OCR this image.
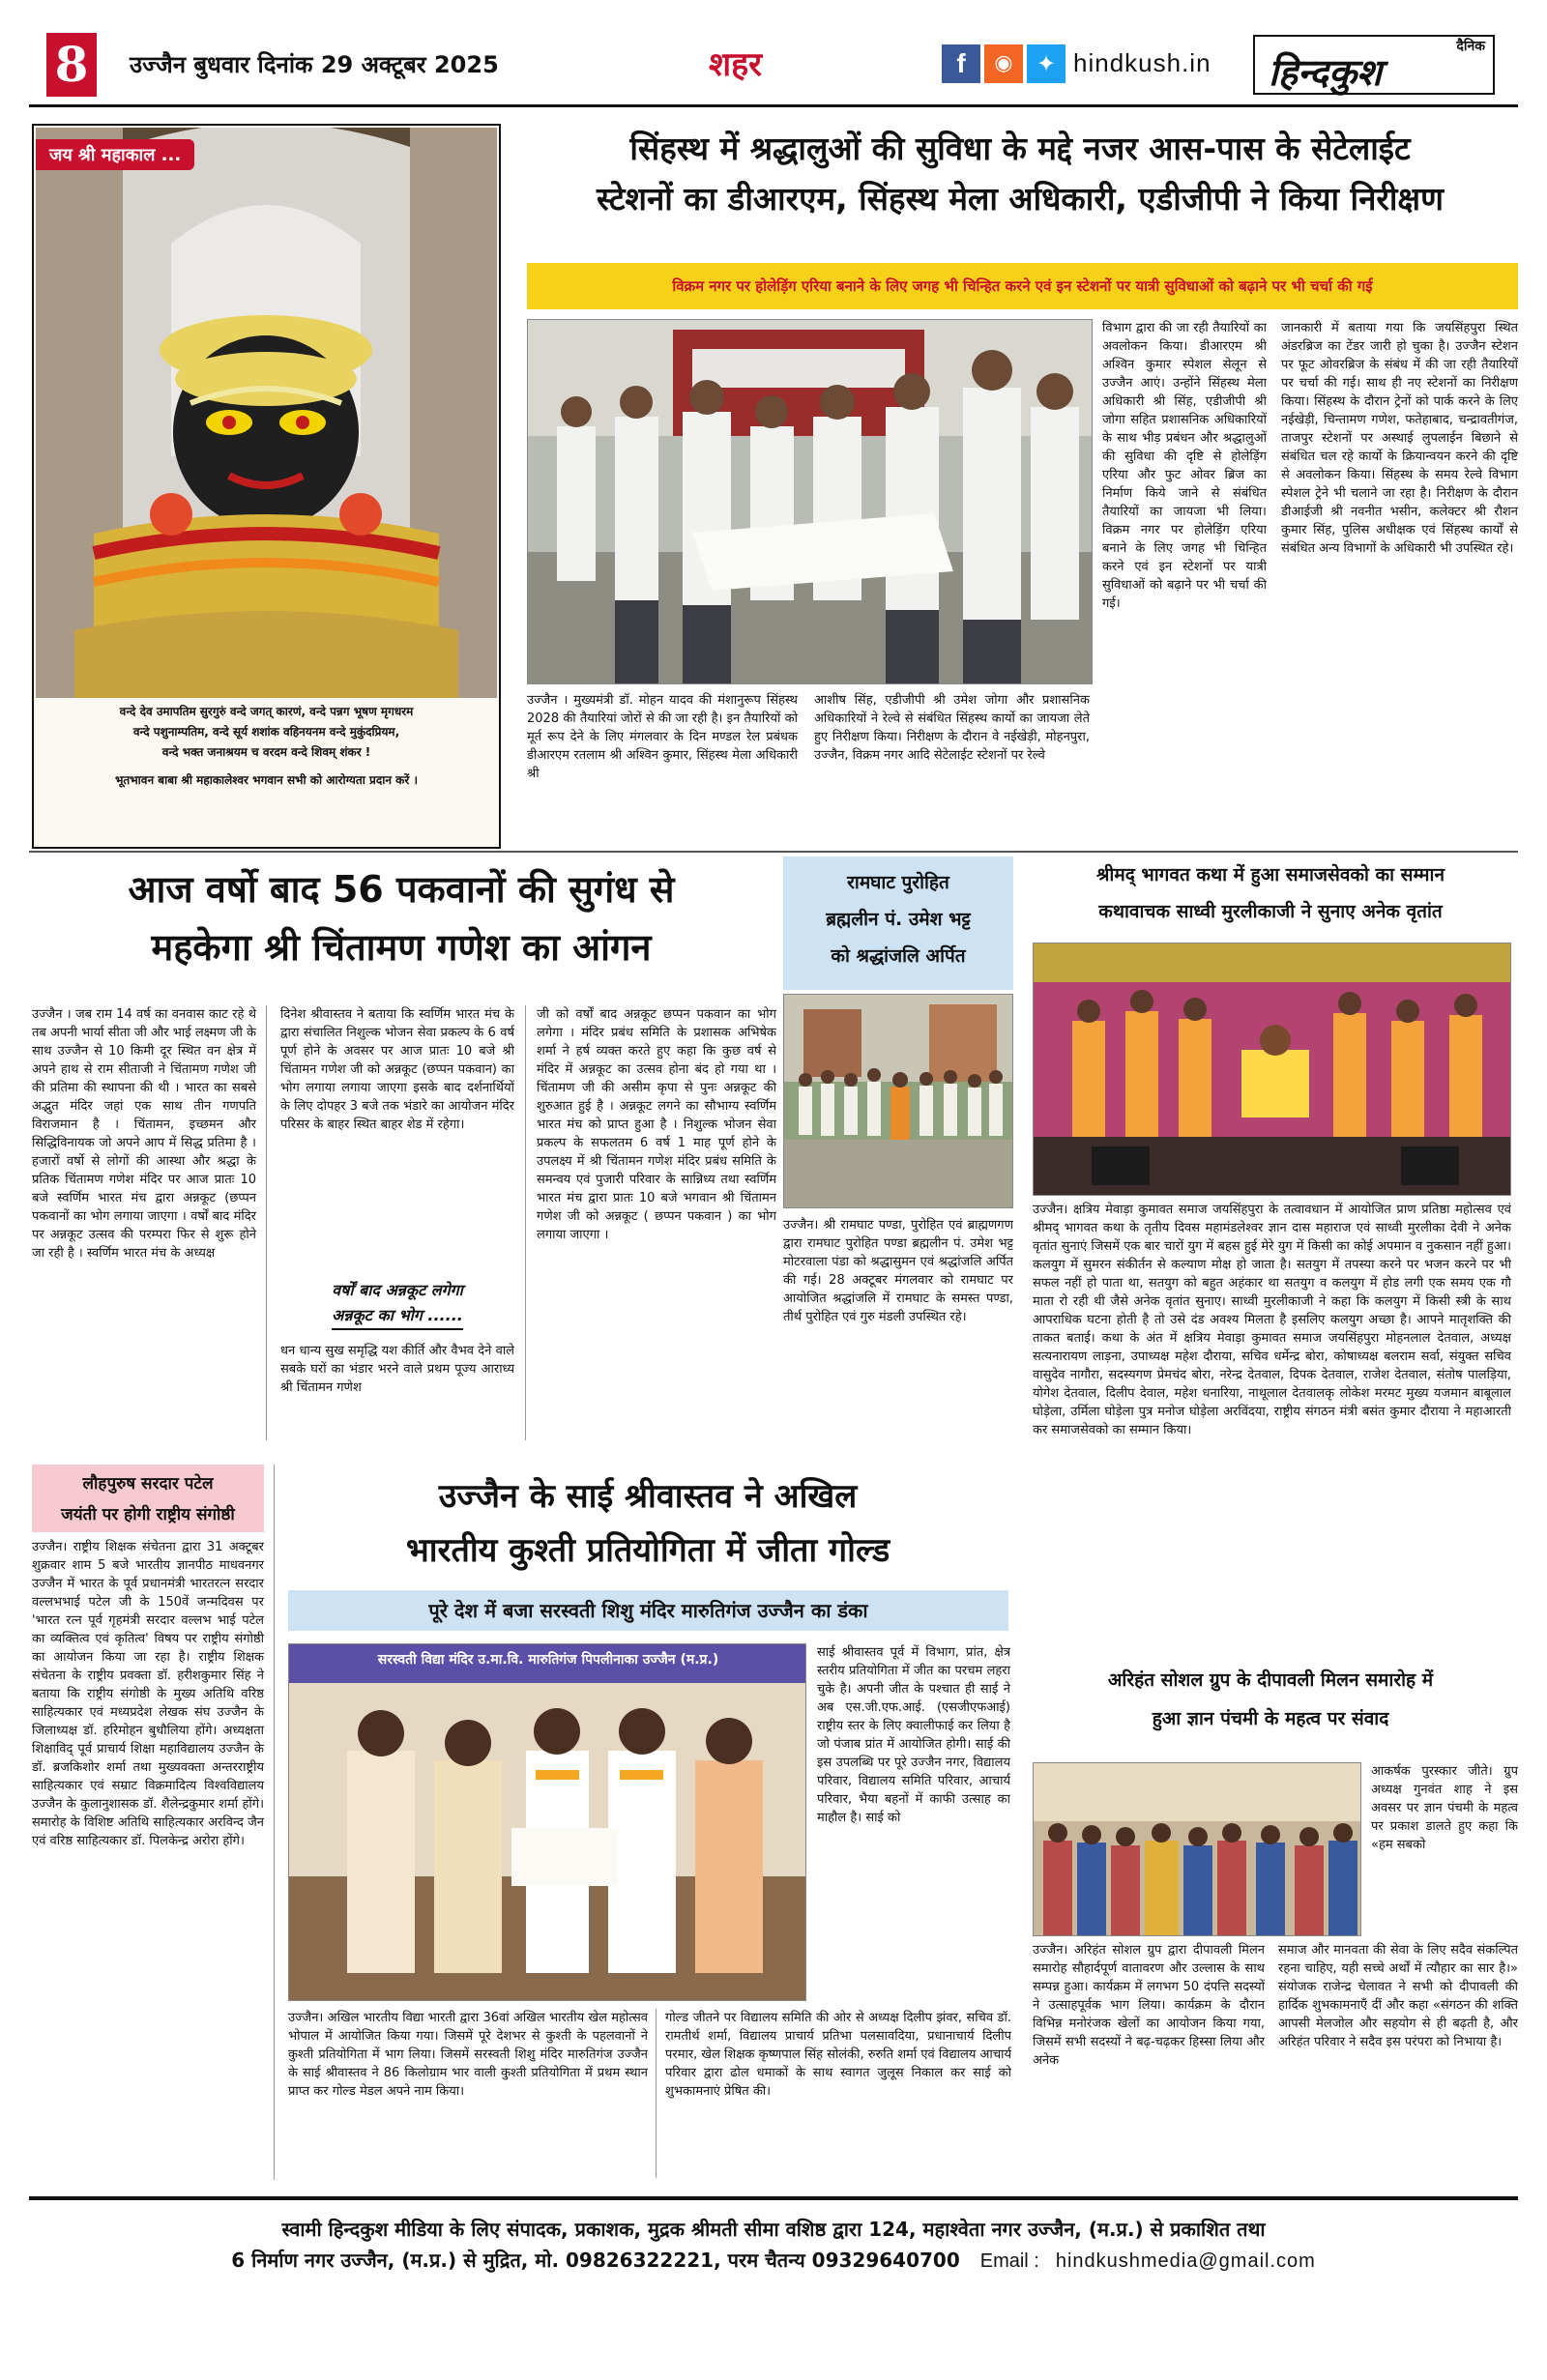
8	उज्जैन बुधवार दिनांक 29 अक्टूबर 2025	शहर	f	◉	✦ hindkush.in
दैनिक
हिन्दकुश
जय श्री महाकाल ...
वन्दे देव उमापतिम सुरगुरुं वन्दे जगत् कारणं, वन्दे पन्नग भूषण मृगधरम
वन्दे पशुनाम्पतिम, वन्दे सूर्य शशांक वहिनयनम वन्दे मुकुंदप्रियम,
वन्दे भक्त जनाश्रयम च वरदम वन्दे शिवम् शंकर !
भूतभावन बाबा श्री महाकालेश्वर भगवान सभी को आरोग्यता प्रदान करें ।
सिंहस्थ में श्रद्धालुओं की सुविधा के मद्दे नजर आस-पास के सेटेलाईट
स्टेशनों का डीआरएम, सिंहस्थ मेला अधिकारी, एडीजीपी ने किया निरीक्षण
विक्रम नगर पर होलेड़िंग एरिया बनाने के लिए जगह भी चिन्हित करने एवं इन स्टेशनों पर यात्री सुविधाओं को बढ़ाने पर भी चर्चा की गई
उज्जैन । मुख्यमंत्री डॉ. मोहन यादव की मंशानुरूप सिंहस्थ 2028 की तैयारियां जोरों से की जा रही है। इन तैयारियों को मूर्त रूप देने के लिए मंगलवार के दिन मण्डल रेल प्रबंधक डीआरएम रतलाम श्री अश्विन कुमार, सिंहस्थ मेला अधिकारी श्री
आशीष सिंह, एडीजीपी श्री उमेश जोगा और प्रशासनिक अधिकारियों ने रेल्वे से संबंधित सिंहस्थ कार्यो का जायजा लेते हुए निरीक्षण किया। निरीक्षण के दौरान वे नईखेड़ी, मोहनपुरा, उज्जैन, विक्रम नगर आदि सेटेलाईट स्टेशनों पर रेल्वे
विभाग द्वारा की जा रही तैयारियों का अवलोकन किया। डीआरएम श्री अश्विन कुमार स्पेशल सेलून से उज्जैन आएं। उन्होंने सिंहस्थ मेला अधिकारी श्री सिंह, एडीजीपी श्री जोगा सहित प्रशासनिक अधिकारियों के साथ भीड़ प्रबंधन और श्रद्धालुओं की सुविधा की दृष्टि से होलेड़िंग एरिया और फुट ओवर ब्रिज का निर्माण किये जाने से संबंधित तैयारियों का जायजा भी लिया। विक्रम नगर पर होलेड़िंग एरिया बनाने के लिए जगह भी चिन्हित करने एवं इन स्टेशनों पर यात्री सुविधाओं को बढ़ाने पर भी चर्चा की गई।
जानकारी में बताया गया कि जयसिंहपुरा स्थित अंडरब्रिज का टेंडर जारी हो चुका है। उज्जैन स्टेशन पर फूट ओवरब्रिज के संबंध में की जा रही तैयारियों पर चर्चा की गई। साथ ही नए स्टेशनों का निरीक्षण किया। सिंहस्थ के दौरान ट्रेनों को पार्क करने के लिए नईखेड़ी, चिन्तामण गणेश, फतेहाबाद, चन्द्रावतीगंज, ताजपुर स्टेशनों पर अस्थाई लुपलाईन बिछाने से संबंधित चल रहे कार्यो के क्रियान्वयन करने की दृष्टि से अवलोकन किया। सिंहस्थ के समय रेल्वे विभाग स्पेशल ट्रेने भी चलाने जा रहा है। निरीक्षण के दौरान डीआईजी श्री नवनीत भसीन, कलेक्टर श्री रौशन कुमार सिंह, पुलिस अधीक्षक एवं सिंहस्थ कार्यों से संबंधित अन्य विभागों के अधिकारी भी उपस्थित रहे।
आज वर्षो बाद 56 पकवानों की सुगंध से
महकेगा श्री चिंतामण गणेश का आंगन
उज्जैन । जब राम 14 वर्ष का वनवास काट रहे थे तब अपनी भार्या सीता जी और भाई लक्ष्मण जी के साथ उज्जैन से 10 किमी दूर स्थित वन क्षेत्र में अपने हाथ से राम सीताजी ने चिंतामण गणेश जी की प्रतिमा की स्थापना की थी । भारत का सबसे अद्भुत मंदिर जहां एक साथ तीन गणपति विराजमान है । चिंतामन, इच्छमन और सिद्धिविनायक जो अपने आप में सिद्ध प्रतिमा है । हजारों वर्षो से लोगों की आस्था और श्रद्धा के प्रतिक चिंतामण गणेश मंदिर पर आज प्रातः 10 बजे स्वर्णिम भारत मंच द्वारा अन्नकूट (छप्पन पकवानों का भोग लगाया जाएगा । वर्षों बाद मंदिर पर अन्नकूट उत्सव की परम्परा फिर से शुरू होने जा रही है । स्वर्णिम भारत मंच के अध्यक्ष
दिनेश श्रीवास्तव ने बताया कि स्वर्णिम भारत मंच के द्वारा संचालित निशुल्क भोजन सेवा प्रकल्प के 6 वर्ष पूर्ण होने के अवसर पर आज प्रातः 10 बजे श्री चिंतामन गणेश जी को अन्नकूट (छप्पन पकवान) का भोग लगाया लगाया जाएगा इसके बाद दर्शनार्थियों के लिए दोपहर 3 बजे तक भंडारे का आयोजन मंदिर परिसर के बाहर स्थित बाहर शेड में रहेगा।
वर्षों बाद अन्नकूट लगेगा
अन्नकूट का भोग ......
धन धान्य सुख समृद्धि यश कीर्ति और वैभव देने वाले सबके घरों का भंडार भरने वाले प्रथम पूज्य आराध्य श्री चिंतामन गणेश
जी को वर्षों बाद अन्नकूट छप्पन पकवान का भोग लगेगा । मंदिर प्रबंध समिति के प्रशासक अभिषेक शर्मा ने हर्ष व्यक्त करते हुए कहा कि कुछ वर्ष से मंदिर में अन्नकूट का उत्सव होना बंद हो गया था । चिंतामण जी की असीम कृपा से पुनः अन्नकूट की शुरुआत हुई है । अन्नकूट लगने का सौभाग्य स्वर्णिम भारत मंच को प्राप्त हुआ है । निशुल्क भोजन सेवा प्रकल्प के सफलतम 6 वर्ष 1 माह पूर्ण होने के उपलक्ष्य में श्री चिंतामन गणेश मंदिर प्रबंध समिति के समन्वय एवं पुजारी परिवार के सान्निध्य तथा स्वर्णिम भारत मंच द्वारा प्रातः 10 बजे भगवान श्री चिंतामन गणेश जी को अन्नकूट ( छप्पन पकवान ) का भोग लगाया जाएगा ।
रामघाट पुरोहित
ब्रह्मलीन पं. उमेश भट्ट
को श्रद्धांजलि अर्पित
उज्जैन। श्री रामघाट पण्डा, पुरोहित एवं ब्राह्मणगण द्वारा रामघाट पुरोहित पण्डा ब्रह्मलीन पं. उमेश भट्ट मोटरवाला पंडा को श्रद्धासुमन एवं श्रद्धांजलि अर्पित की गई। 28 अक्टूबर मंगलवार को रामघाट पर आयोजित श्रद्धांजलि में रामघाट के समस्त पण्डा, तीर्थ पुरोहित एवं गुरु मंडली उपस्थित रहे।
श्रीमद् भागवत कथा में हुआ समाजसेवको का सम्मान
कथावाचक साध्वी मुरलीकाजी ने सुनाए अनेक वृतांत
उज्जैन। क्षत्रिय मेवाड़ा कुमावत समाज जयसिंहपुरा के तत्वावधान में आयोजित प्राण प्रतिष्ठा महोत्सव एवं श्रीमद् भागवत कथा के तृतीय दिवस महामंडलेश्वर ज्ञान दास महाराज एवं साध्वी मुरलीका देवी ने अनेक वृतांत सुनाएं जिसमें एक बार चारों युग में बहस हुई मेरे युग में किसी का कोई अपमान व नुकसान नहीं हुआ। कलयुग में सुमरन संकीर्तन से कल्याण मोक्ष हो जाता है। सतयुग में तपस्या करने पर भजन करने पर भी सफल नहीं हो पाता था, सतयुग को बहुत अहंकार था सतयुग व कलयुग में होड लगी एक समय एक गौ माता रो रही थी जैसे अनेक वृतांत सुनाए। साध्वी मुरलीकाजी ने कहा कि कलयुग में किसी स्त्री के साथ आपराधिक घटना होती है तो उसे दंड अवश्य मिलता है इसलिए कलयुग अच्छा है। आपने मातृशक्ति की ताकत बताई। कथा के अंत में क्षत्रिय मेवाड़ा कुमावत समाज जयसिंहपुरा मोहनलाल देतवाल, अध्यक्ष सत्यनारायण लाड़ना, उपाध्यक्ष महेश दौराया, सचिव धर्मेन्द्र बोरा, कोषाध्यक्ष बलराम सर्वा, संयुक्त सचिव वासुदेव नागौरा, सदस्यगण प्रेमचंद बोरा, नरेन्द्र देतवाल, दिपक देतवाल, राजेश देतवाल, संतोष पालड़िया, योगेश देतवाल, दिलीप देवाल, महेश धनारिया, नाथूलाल देतवालकृ लोकेश मरमट मुख्य यजमान बाबूलाल घोड़ेला, उर्मिला घोड़ेला पुत्र मनोज घोड़ेला अरविंदया, राष्ट्रीय संगठन मंत्री बसंत कुमार दौराया ने महाआरती कर समाजसेवको का सम्मान किया।
लौहपुरुष सरदार पटेल
जयंती पर होगी राष्ट्रीय संगोष्ठी
उज्जैन। राष्ट्रीय शिक्षक संचेतना द्वारा 31 अक्टूबर शुक्रवार शाम 5 बजे भारतीय ज्ञानपीठ माधवनगर उज्जैन में भारत के पूर्व प्रधानमंत्री भारतरत्न सरदार वल्लभभाई पटेल जी के 150वें जन्मदिवस पर 'भारत रत्न पूर्व गृहमंत्री सरदार वल्लभ भाई पटेल का व्यक्तित्व एवं कृतित्व' विषय पर राष्ट्रीय संगोष्ठी का आयोजन किया जा रहा है। राष्ट्रीय शिक्षक संचेतना के राष्ट्रीय प्रवक्ता डॉ. हरीशकुमार सिंह ने बताया कि राष्ट्रीय संगोष्ठी के मुख्य अतिथि वरिष्ठ साहित्यकार एवं मध्यप्रदेश लेखक संघ उज्जैन के जिलाध्यक्ष डॉ. हरिमोहन बुधौलिया होंगे। अध्यक्षता शिक्षाविद् पूर्व प्राचार्य शिक्षा महाविद्यालय उज्जैन के डॉ. ब्रजकिशोर शर्मा तथा मुख्यवक्ता अन्तरराष्ट्रीय साहित्यकार एवं सम्राट विक्रमादित्य विश्वविद्यालय उज्जैन के कुलानुशासक डॉ. शैलेन्द्रकुमार शर्मा होंगे। समारोह के विशिष्ट अतिथि साहित्यकार अरविन्द जैन एवं वरिष्ठ साहित्यकार डॉ. पिलकेन्द्र अरोरा होंगे।
उज्जैन के साई श्रीवास्तव ने अखिल
भारतीय कुश्ती प्रतियोगिता में जीता गोल्ड
पूरे देश में बजा सरस्वती शिशु मंदिर मारुतिगंज उज्जैन का डंका
सरस्वती विद्या मंदिर उ.मा.वि. मारुतिगंज पिपलीनाका उज्जैन (म.प्र.)	साई श्रीवास्तव पूर्व में विभाग, प्रांत, क्षेत्र स्तरीय प्रतियोगिता में जीत का परचम लहरा चुके है। अपनी जीत के पश्चात ही साई ने अब एस.जी.एफ.आई. (एसजीएफआई) राष्ट्रीय स्तर के लिए क्वालीफाई कर लिया है जो पंजाब प्रांत में आयोजित होगी। साई की इस उपलब्धि पर पूरे उज्जैन नगर, विद्यालय परिवार, विद्यालय समिति परिवार, आचार्य परिवार, भैया बहनों में काफी उत्साह का माहौल है। साई को
उज्जैन। अखिल भारतीय विद्या भारती द्वारा 36वां अखिल भारतीय खेल महोत्सव भोपाल में आयोजित किया गया। जिसमें पूरे देशभर से कुश्ती के पहलवानों ने कुश्ती प्रतियोगिता में भाग लिया। जिसमें सरस्वती शिशु मंदिर मारुतिगंज उज्जैन के साई श्रीवास्तव ने 86 किलोग्राम भार वाली कुश्ती प्रतियोगिता में प्रथम स्थान प्राप्त कर गोल्ड मेडल अपने नाम किया।
गोल्ड जीतने पर विद्यालय समिति की ओर से अध्यक्ष दिलीप झंवर, सचिव डॉ. रामतीर्थ शर्मा, विद्यालय प्राचार्य प्रतिभा पलसावदिया, प्रधानाचार्य दिलीप परमार, खेल शिक्षक कृष्णपाल सिंह सोलंकी, रुरुति शर्मा एवं विद्यालय आचार्य परिवार द्वारा ढोल धमाकों के साथ स्वागत जुलूस निकाल कर साई को शुभकामनाएं प्रेषित की।
अरिहंत सोशल ग्रुप के दीपावली मिलन समारोह में
हुआ ज्ञान पंचमी के महत्व पर संवाद
आकर्षक पुरस्कार जीते। ग्रुप अध्यक्ष गुनवंत शाह ने इस अवसर पर ज्ञान पंचमी के महत्व पर प्रकाश डालते हुए कहा कि «हम सबको
उज्जैन। अरिहंत सोशल ग्रुप द्वारा दीपावली मिलन समारोह सौहार्दपूर्ण वातावरण और उल्लास के साथ सम्पन्न हुआ। कार्यक्रम में लगभग 50 दंपत्ति सदस्यों ने उत्साहपूर्वक भाग लिया। कार्यक्रम के दौरान विभिन्न मनोरंजक खेलों का आयोजन किया गया, जिसमें सभी सदस्यों ने बढ़-चढ़कर हिस्सा लिया और अनेक
समाज और मानवता की सेवा के लिए सदैव संकल्पित रहना चाहिए, यही सच्चे अर्थों में त्यौहार का सार है।» संयोजक राजेन्द्र चेलावत ने सभी को दीपावली की हार्दिक शुभकामनाएँ दीं और कहा «संगठन की शक्ति आपसी मेलजोल और सहयोग से ही बढ़ती है, और अरिहंत परिवार ने सदैव इस परंपरा को निभाया है।
स्वामी हिन्दकुश मीडिया के लिए संपादक, प्रकाशक, मुद्रक श्रीमती सीमा वशिष्ठ द्वारा 124, महाश्वेता नगर उज्जैन, (म.प्र.) से प्रकाशित तथा
6 निर्माण नगर उज्जैन, (म.प्र.) से मुद्रित, मो. 09826322221, परम चैतन्य 09329640700 Email : hindkushmedia@gmail.com
